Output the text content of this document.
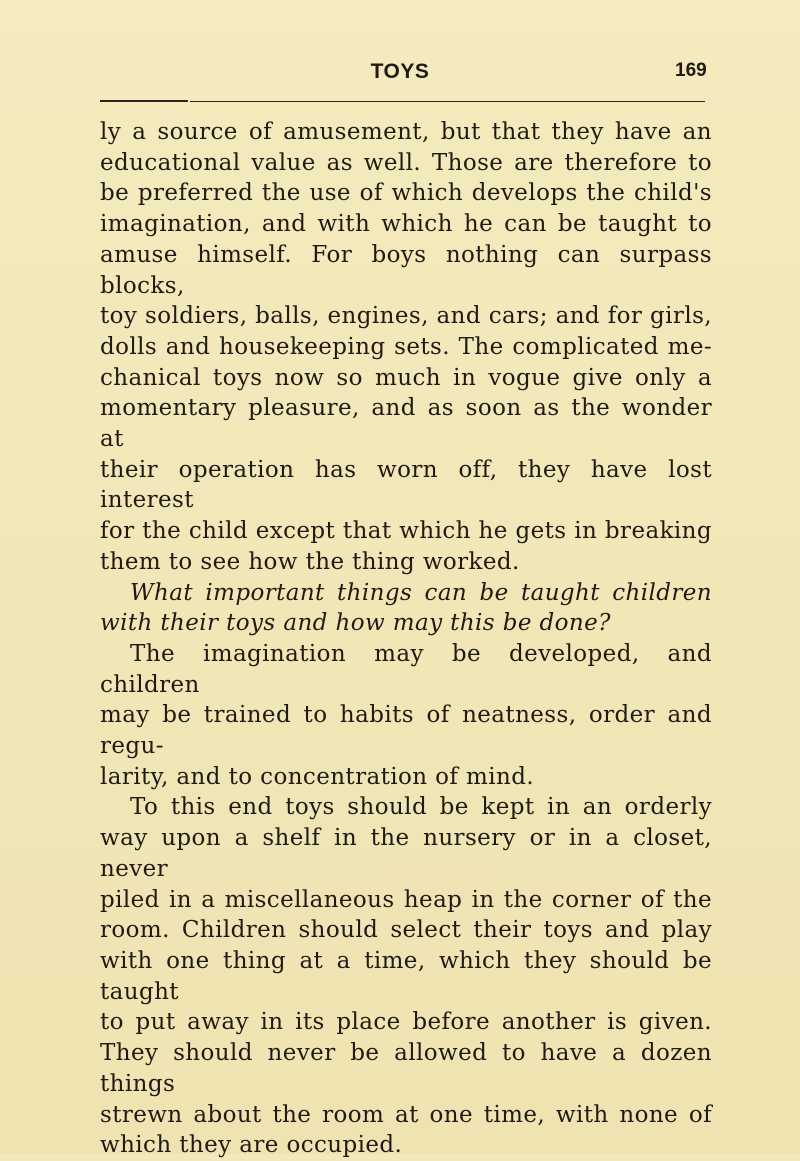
TOYS	169

ly a source of amusement, but that they have an

educational value as well. Those are therefore to

be preferred the use of which develops the child's

imagination, and with which he can be taught to

amuse himself. For boys nothing can surpass blocks,

toy soldiers, balls, engines, and cars; and for girls,

dolls and housekeeping sets. The complicated me-

chanical toys now so much in vogue give only a

momentary pleasure, and as soon as the wonder at

their operation has worn off, they have lost interest

for the child except that which he gets in breaking

them to see how the thing worked.

What important things can be taught children

with their toys and how may this be done?

The imagination may be developed, and children

may be trained to habits of neatness, order and regu-

larity, and to concentration of mind.

To this end toys should be kept in an orderly

way upon a shelf in the nursery or in a closet, never

piled in a miscellaneous heap in the corner of the

room. Children should select their toys and play

with one thing at a time, which they should be taught

to put away in its place before another is given.

They should never be allowed to have a dozen things

strewn about the room at one time, with none of

which they are occupied.
